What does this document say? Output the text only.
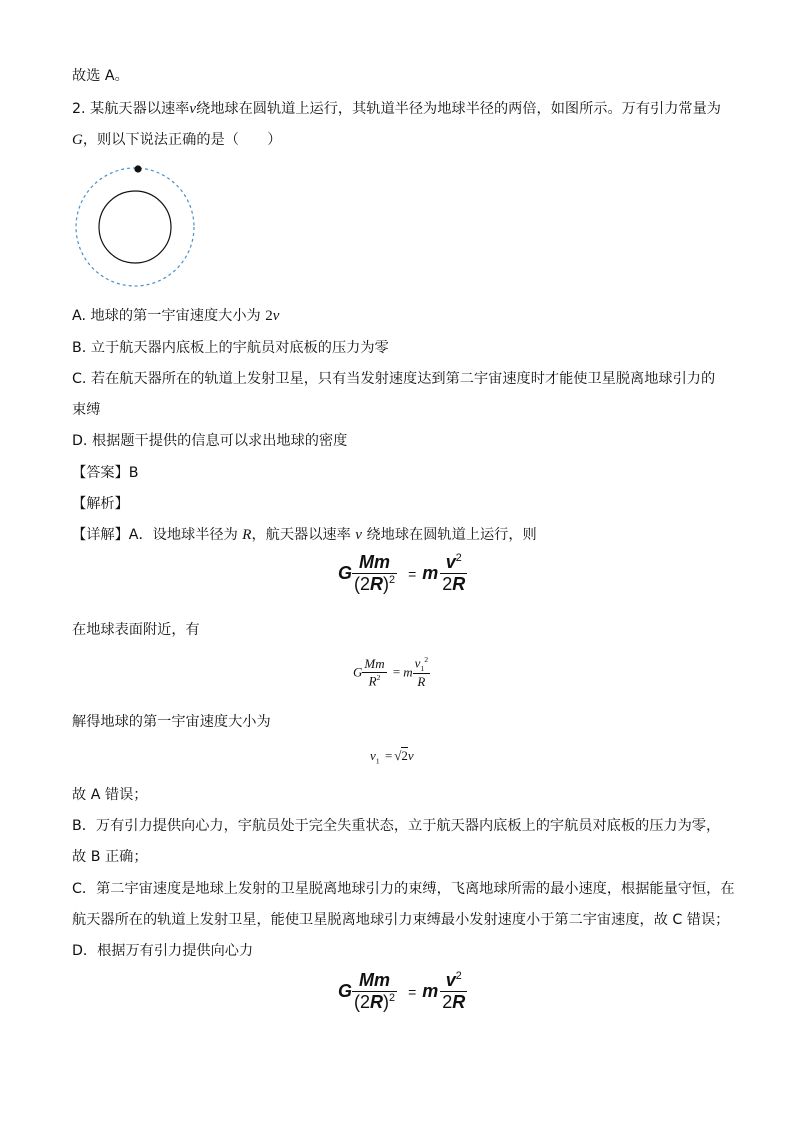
故选 A。
2. 某航天器以速率v绕地球在圆轨道上运行，其轨道半径为地球半径的两倍，如图所示。万有引力常量为
G，则以下说法正确的是（　　）
A. 地球的第一宇宙速度大小为 2v
B. 立于航天器内底板上的宇航员对底板的压力为零
C. 若在航天器所在的轨道上发射卫星，只有当发射速度达到第二宇宙速度时才能使卫星脱离地球引力的
束缚
D. 根据题干提供的信息可以求出地球的密度
【答案】B
【解析】
【详解】A．设地球半径为 R，航天器以速率 v 绕地球在圆轨道上运行，则
G $\frac{Mm}{(2R)^2} = m \frac{v^2}{2R}$
在地球表面附近，有
G $\frac{Mm}{R^2} = m \frac{v_1^2}{R}$
解得地球的第一宇宙速度大小为
$v_1 = √2v$
故 A 错误；
B．万有引力提供向心力，宇航员处于完全失重状态，立于航天器内底板上的宇航员对底板的压力为零，
故 B 正确；
C．第二宇宙速度是地球上发射的卫星脱离地球引力的束缚，飞离地球所需的最小速度，根据能量守恒，在
航天器所在的轨道上发射卫星，能使卫星脱离地球引力束缚最小发射速度小于第二宇宙速度，故 C 错误；
D．根据万有引力提供向心力
G $\frac{Mm}{(2R)^2} = m \frac{v^2}{2R}$
